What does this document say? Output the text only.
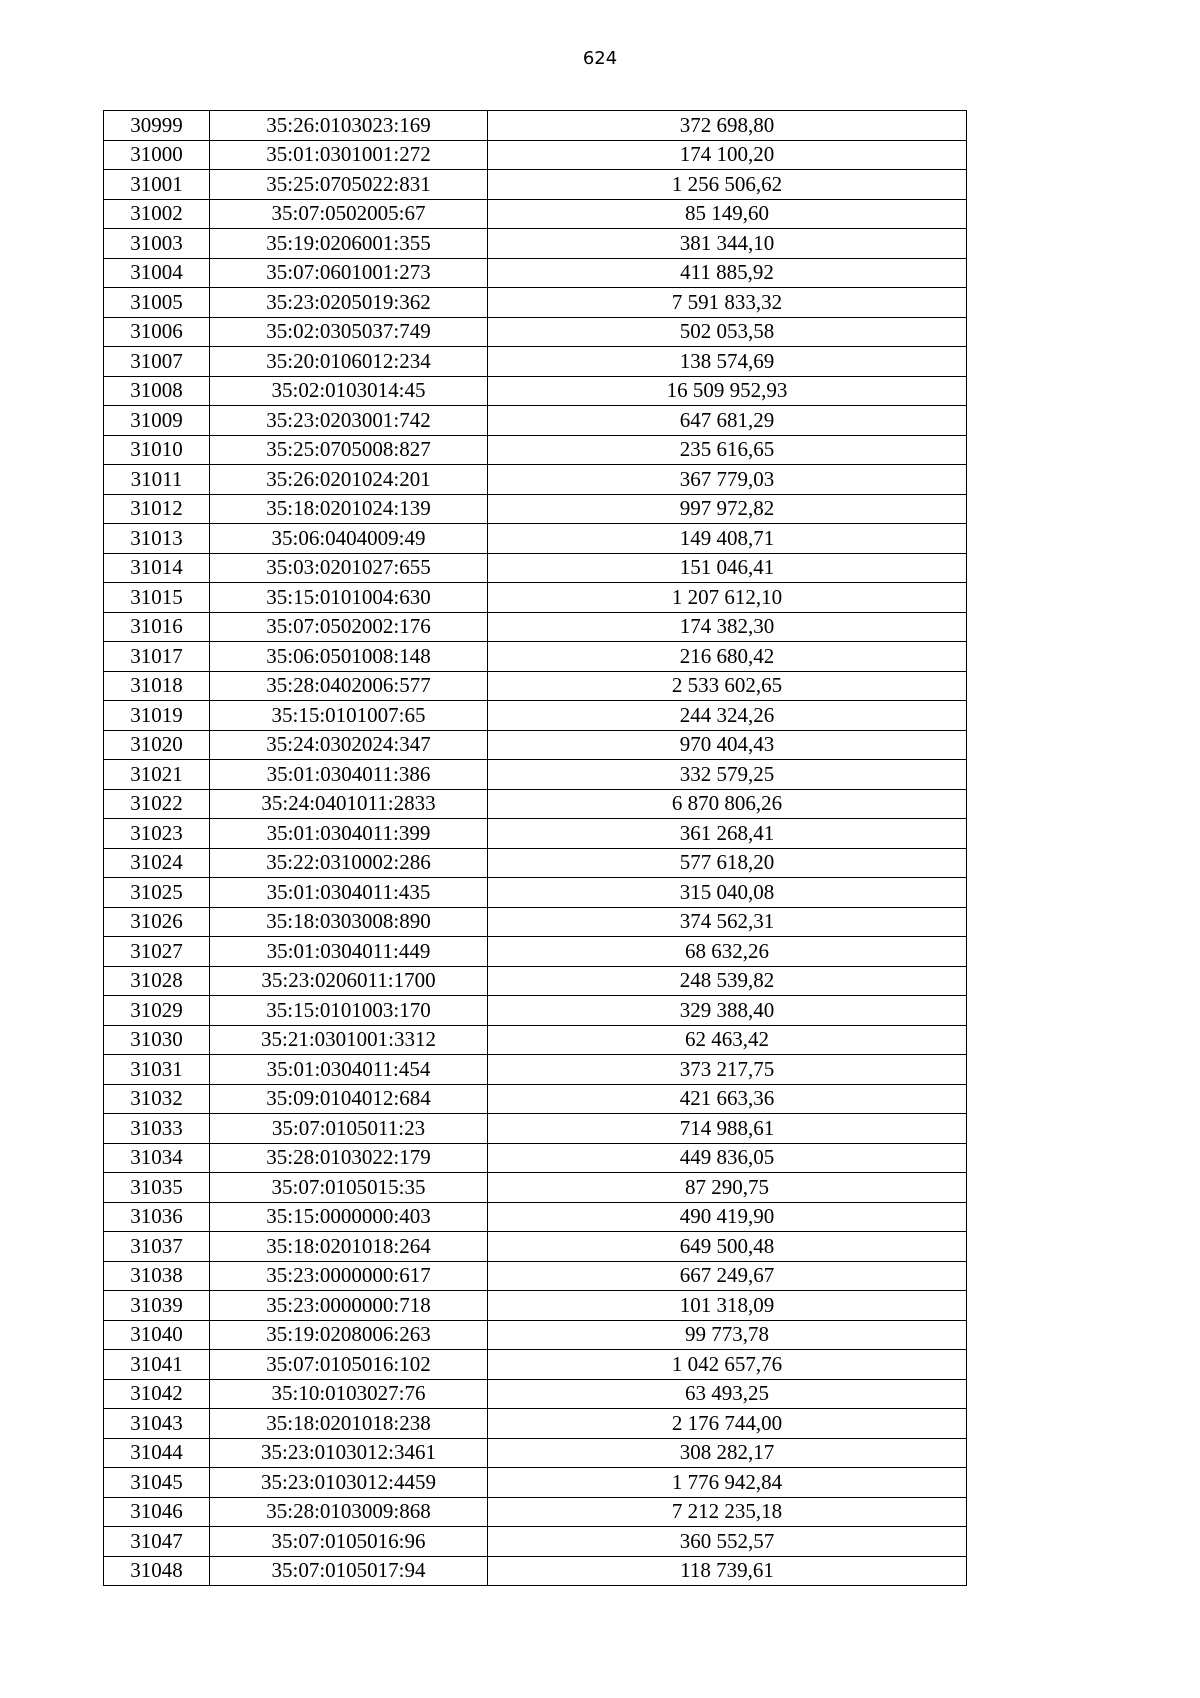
624
30999	35:26:0103023:169	372 698,80
31000	35:01:0301001:272	174 100,20
31001	35:25:0705022:831	1 256 506,62
31002	35:07:0502005:67	85 149,60
31003	35:19:0206001:355	381 344,10
31004	35:07:0601001:273	411 885,92
31005	35:23:0205019:362	7 591 833,32
31006	35:02:0305037:749	502 053,58
31007	35:20:0106012:234	138 574,69
31008	35:02:0103014:45	16 509 952,93
31009	35:23:0203001:742	647 681,29
31010	35:25:0705008:827	235 616,65
31011	35:26:0201024:201	367 779,03
31012	35:18:0201024:139	997 972,82
31013	35:06:0404009:49	149 408,71
31014	35:03:0201027:655	151 046,41
31015	35:15:0101004:630	1 207 612,10
31016	35:07:0502002:176	174 382,30
31017	35:06:0501008:148	216 680,42
31018	35:28:0402006:577	2 533 602,65
31019	35:15:0101007:65	244 324,26
31020	35:24:0302024:347	970 404,43
31021	35:01:0304011:386	332 579,25
31022	35:24:0401011:2833	6 870 806,26
31023	35:01:0304011:399	361 268,41
31024	35:22:0310002:286	577 618,20
31025	35:01:0304011:435	315 040,08
31026	35:18:0303008:890	374 562,31
31027	35:01:0304011:449	68 632,26
31028	35:23:0206011:1700	248 539,82
31029	35:15:0101003:170	329 388,40
31030	35:21:0301001:3312	62 463,42
31031	35:01:0304011:454	373 217,75
31032	35:09:0104012:684	421 663,36
31033	35:07:0105011:23	714 988,61
31034	35:28:0103022:179	449 836,05
31035	35:07:0105015:35	87 290,75
31036	35:15:0000000:403	490 419,90
31037	35:18:0201018:264	649 500,48
31038	35:23:0000000:617	667 249,67
31039	35:23:0000000:718	101 318,09
31040	35:19:0208006:263	99 773,78
31041	35:07:0105016:102	1 042 657,76
31042	35:10:0103027:76	63 493,25
31043	35:18:0201018:238	2 176 744,00
31044	35:23:0103012:3461	308 282,17
31045	35:23:0103012:4459	1 776 942,84
31046	35:28:0103009:868	7 212 235,18
31047	35:07:0105016:96	360 552,57
31048	35:07:0105017:94	118 739,61
